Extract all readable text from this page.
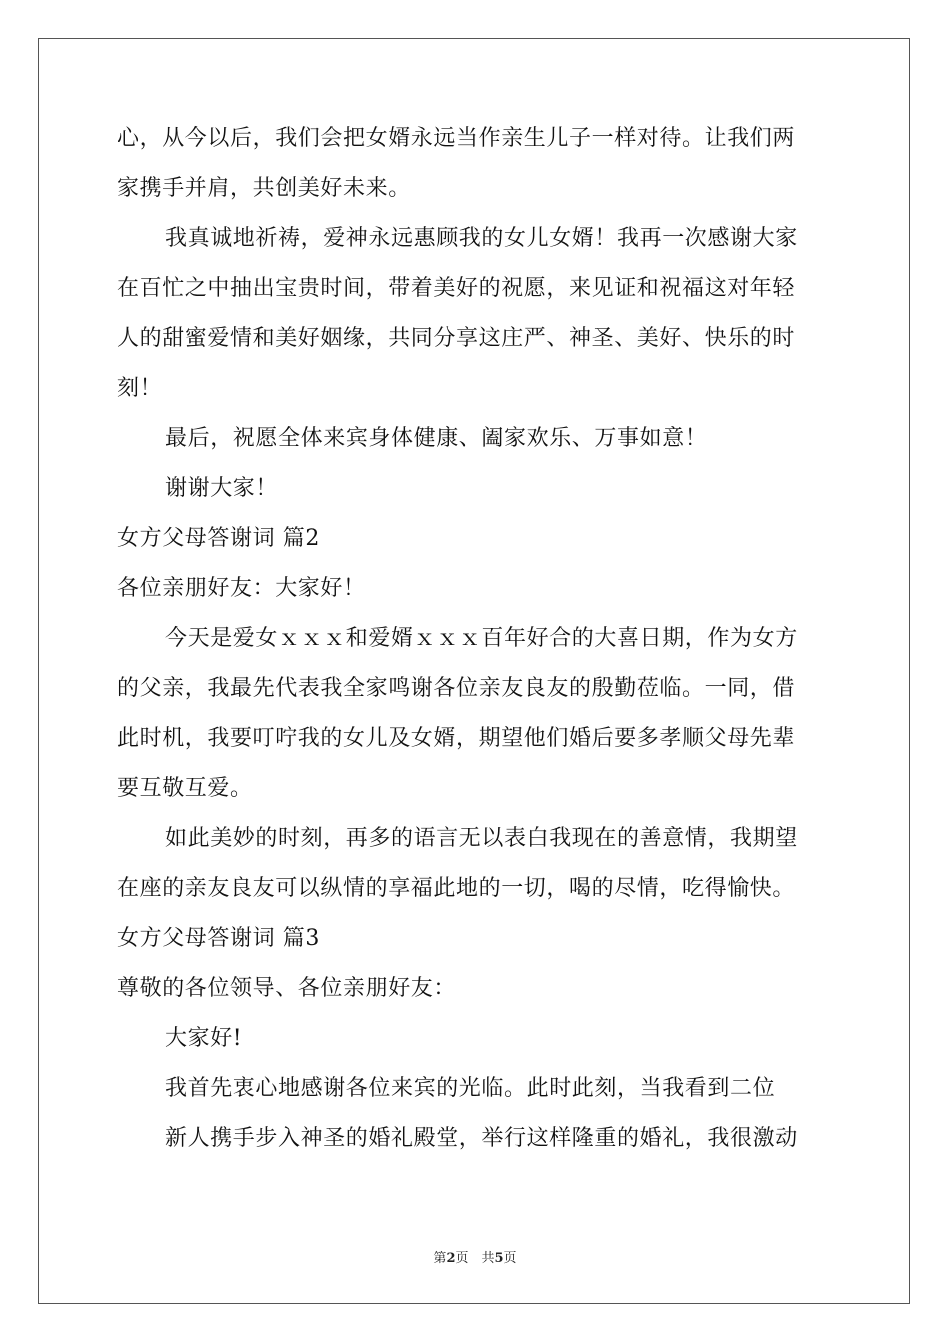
心，从今以后，我们会把女婿永远当作亲生儿子一样对待。让我们两
家携手并肩，共创美好未来。
我真诚地祈祷，爱神永远惠顾我的女儿女婿！我再一次感谢大家
在百忙之中抽出宝贵时间，带着美好的祝愿，来见证和祝福这对年轻
人的甜蜜爱情和美好姻缘，共同分享这庄严、神圣、美好、快乐的时
刻！
最后，祝愿全体来宾身体健康、阖家欢乐、万事如意！
谢谢大家！
女方父母答谢词 篇2
各位亲朋好友：大家好！
今天是爱女ｘｘｘ和爱婿ｘｘｘ百年好合的大喜日期，作为女方
的父亲，我最先代表我全家鸣谢各位亲友良友的殷勤莅临。一同，借
此时机，我要叮咛我的女儿及女婿，期望他们婚后要多孝顺父母先辈
要互敬互爱。
如此美妙的时刻，再多的语言无以表白我现在的善意情，我期望
在座的亲友良友可以纵情的享福此地的一切，喝的尽情，吃得愉快。
女方父母答谢词 篇3
尊敬的各位领导、各位亲朋好友：
大家好!
我首先衷心地感谢各位来宾的光临。此时此刻，当我看到二位
新人携手步入神圣的婚礼殿堂，举行这样隆重的婚礼，我很激动
第2页　共5页
